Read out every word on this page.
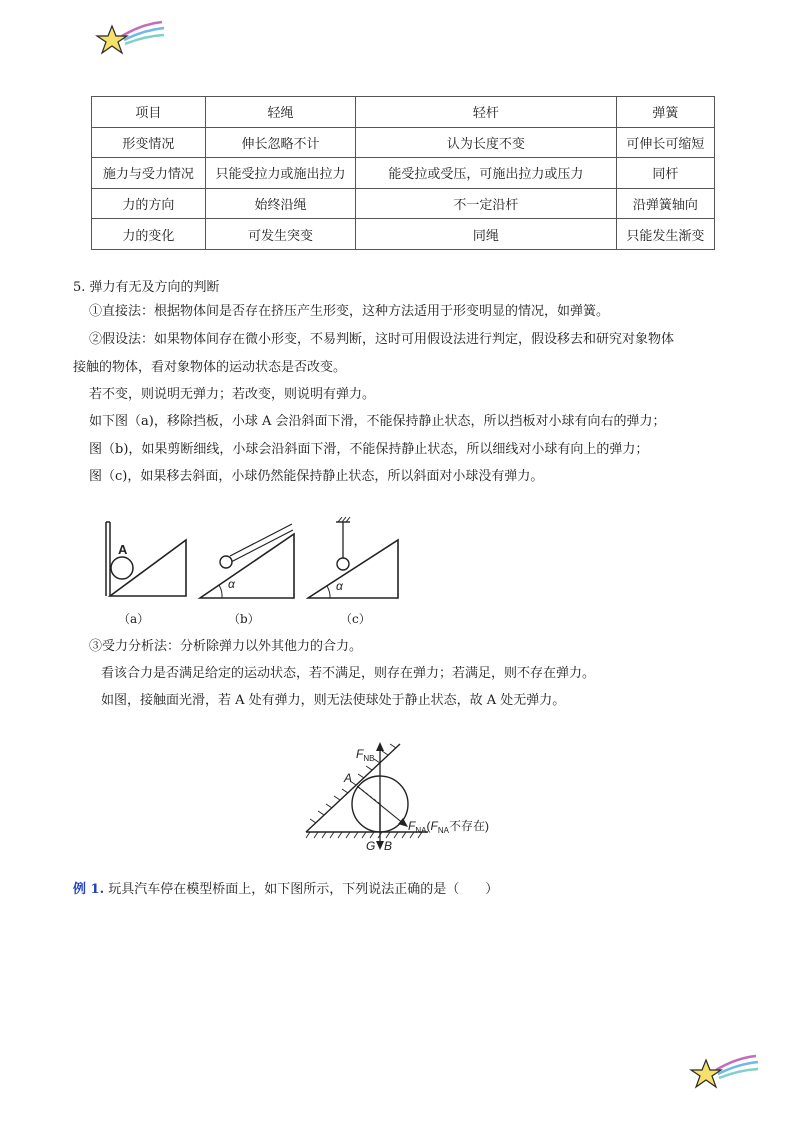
项目	轻绳	轻杆	弹簧
形变情况	伸长忽略不计	认为长度不变	可伸长可缩短
施力与受力情况	只能受拉力或施出拉力	能受拉或受压，可施出拉力或压力	同杆
力的方向	始终沿绳	不一定沿杆	沿弹簧轴向
力的变化	可发生突变	同绳	只能发生渐变
5. 弹力有无及方向的判断
①直接法：根据物体间是否存在挤压产生形变，这种方法适用于形变明显的情况，如弹簧。
②假设法：如果物体间存在微小形变，不易判断，这时可用假设法进行判定，假设移去和研究对象物体
接触的物体，看对象物体的运动状态是否改变。
若不变，则说明无弹力；若改变，则说明有弹力。
如下图（a)，移除挡板，小球 A 会沿斜面下滑，不能保持静止状态，所以挡板对小球有向右的弹力；
图（b)，如果剪断细线，小球会沿斜面下滑，不能保持静止状态，所以细线对小球有向上的弹力；
图（c)，如果移去斜面，小球仍然能保持静止状态，所以斜面对小球没有弹力。
A
（a）
α
（b）
α
（c）
③受力分析法：分析除弹力以外其他力的合力。
看该合力是否满足给定的运动状态，若不满足，则存在弹力；若满足，则不存在弹力。
如图，接触面光滑，若 A 处有弹力，则无法使球处于静止状态，故 A 处无弹力。
$F_{NB}$
A
$F_{NA}(F_{NA}$不存在)
G B
例 1. 玩具汽车停在模型桥面上，如下图所示，下列说法正确的是（　　）
